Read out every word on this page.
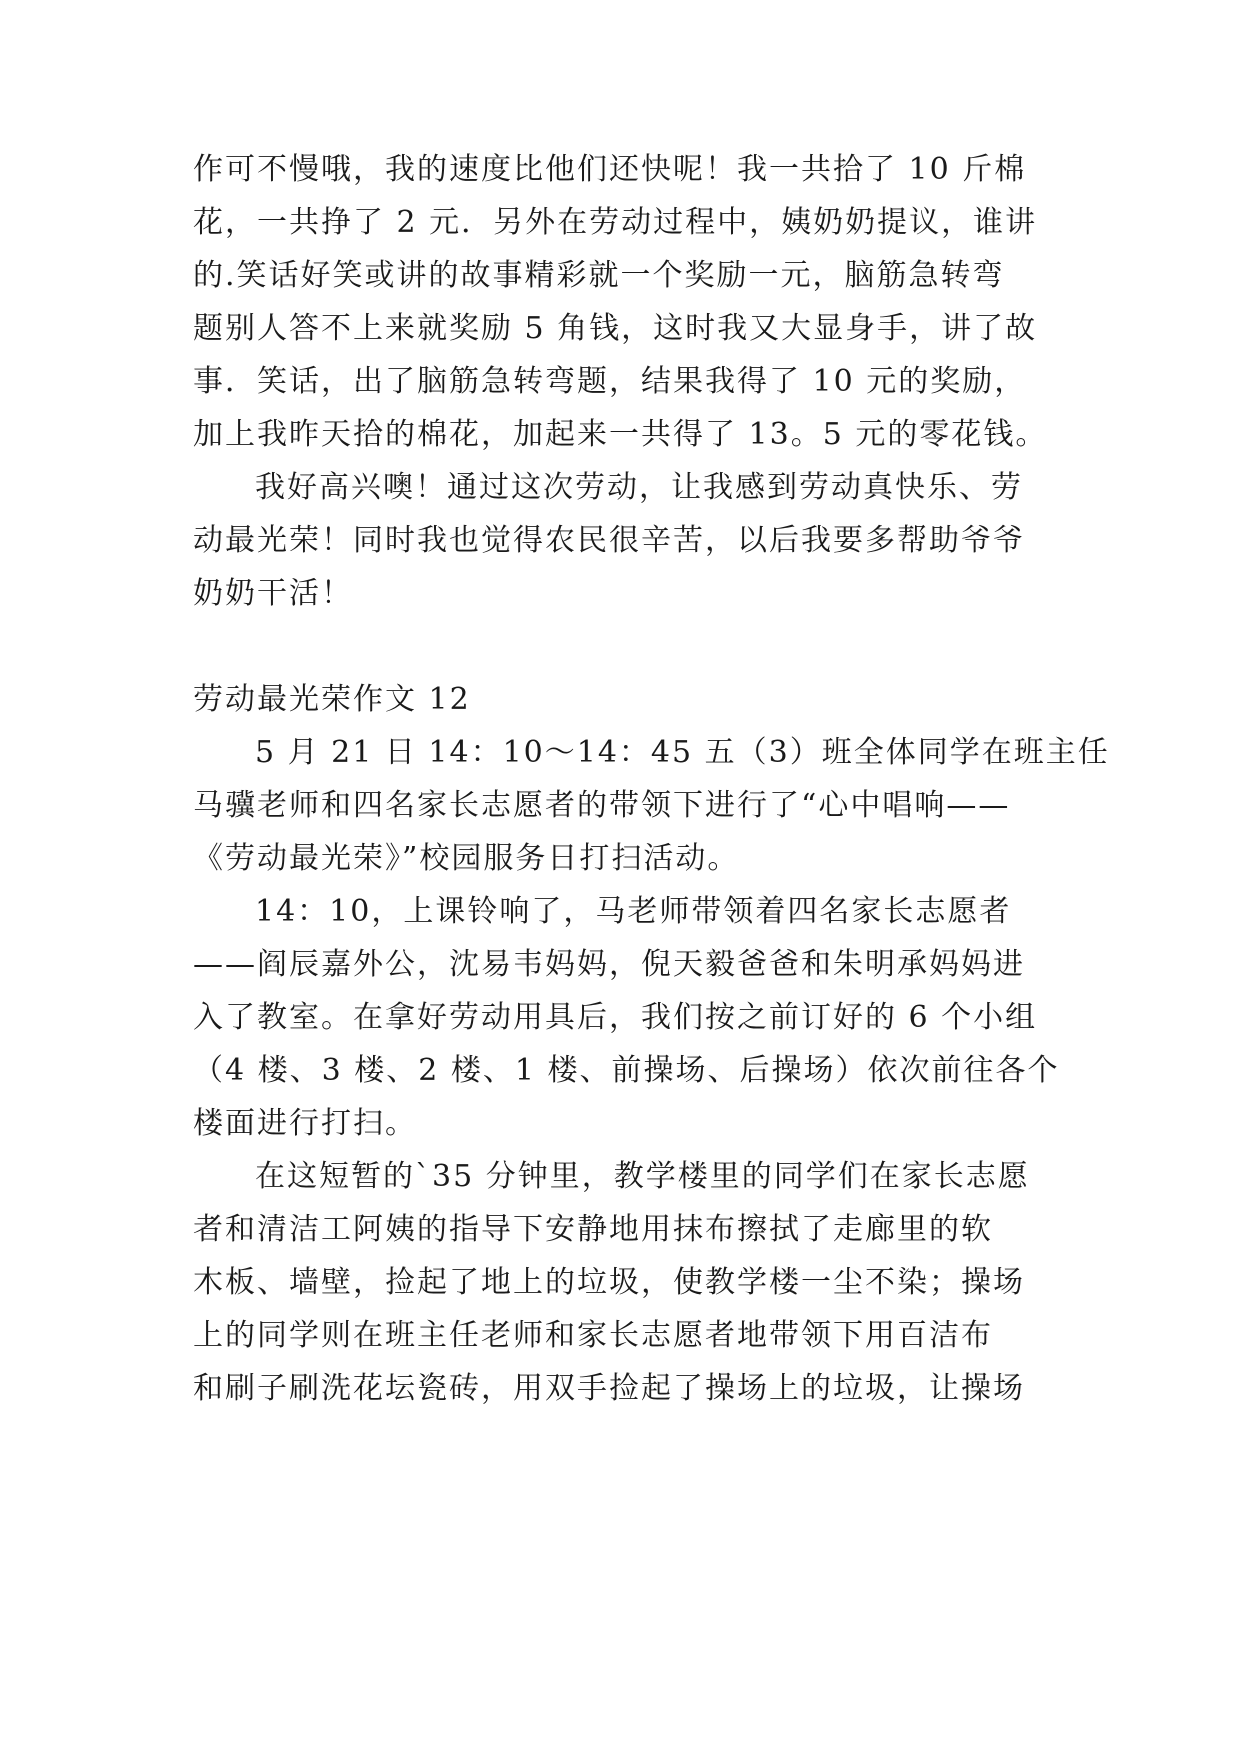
作可不慢哦，我的速度比他们还快呢！我一共拾了 10 斤棉
花，一共挣了 2 元．另外在劳动过程中，姨奶奶提议，谁讲
的.笑话好笑或讲的故事精彩就一个奖励一元，脑筋急转弯
题别人答不上来就奖励 5 角钱，这时我又大显身手，讲了故
事．笑话，出了脑筋急转弯题，结果我得了 10 元的奖励，
加上我昨天拾的棉花，加起来一共得了 13。5 元的零花钱。
我好高兴噢！通过这次劳动，让我感到劳动真快乐、劳
动最光荣！同时我也觉得农民很辛苦，以后我要多帮助爷爷
奶奶干活！
劳动最光荣作文 12
5 月 21 日 14：10～14：45 五（3）班全体同学在班主任
马骥老师和四名家长志愿者的带领下进行了“心中唱响——
《劳动最光荣》”校园服务日打扫活动。
14：10，上课铃响了，马老师带领着四名家长志愿者
——阎辰嘉外公，沈易韦妈妈，倪天毅爸爸和朱明承妈妈进
入了教室。在拿好劳动用具后，我们按之前订好的 6 个小组
（4 楼、3 楼、2 楼、1 楼、前操场、后操场）依次前往各个
楼面进行打扫。
在这短暂的`35 分钟里，教学楼里的同学们在家长志愿
者和清洁工阿姨的指导下安静地用抹布擦拭了走廊里的软
木板、墙壁，捡起了地上的垃圾，使教学楼一尘不染；操场
上的同学则在班主任老师和家长志愿者地带领下用百洁布
和刷子刷洗花坛瓷砖，用双手捡起了操场上的垃圾，让操场
